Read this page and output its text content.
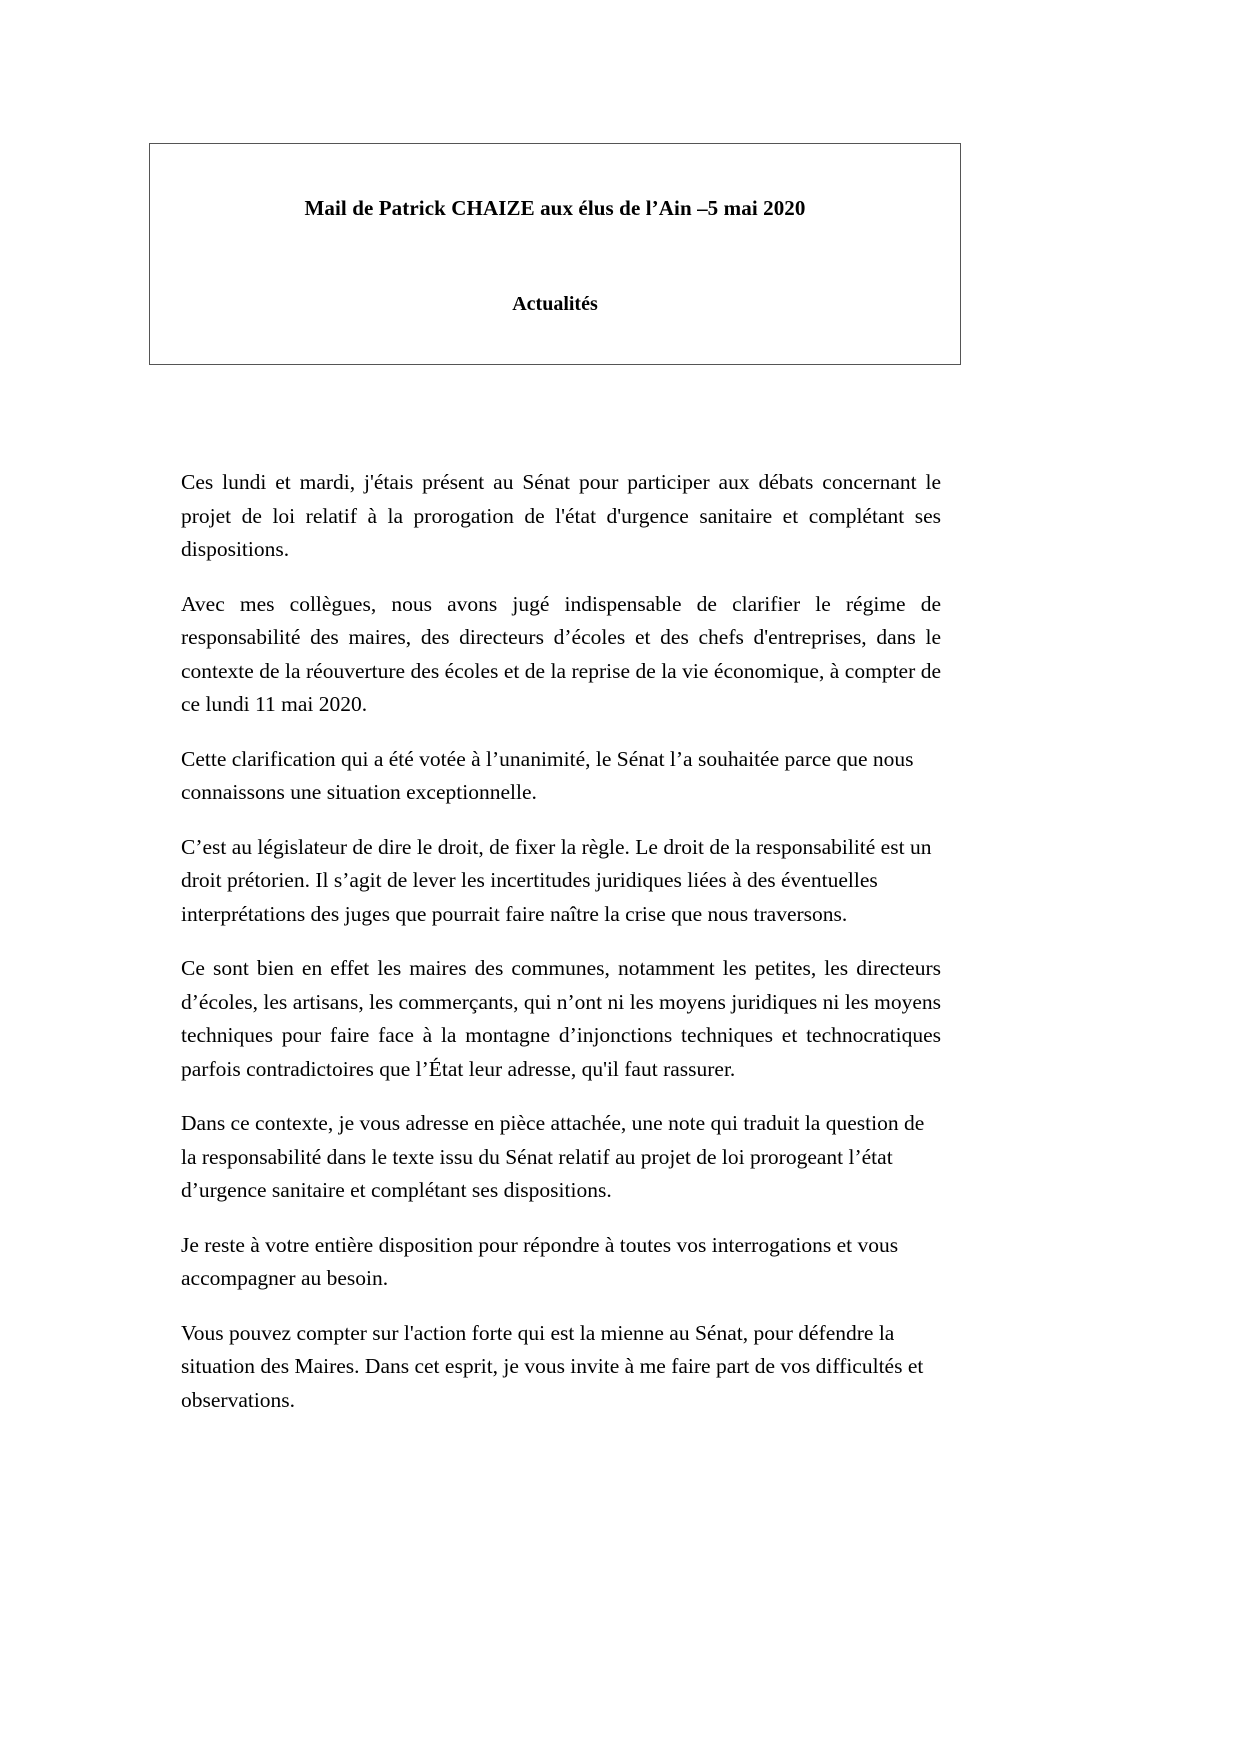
Mail de Patrick CHAIZE aux élus de l’Ain –5 mai 2020
Actualités

Ces lundi et mardi, j'étais présent au Sénat pour participer aux débats concernant le projet de loi relatif à la prorogation de l'état d'urgence sanitaire et complétant ses dispositions.

Avec mes collègues, nous avons jugé indispensable de clarifier le régime de responsabilité des maires, des directeurs d’écoles et des chefs d'entreprises, dans le contexte de la réouverture des écoles et de la reprise de la vie économique, à compter de ce lundi 11 mai 2020.

Cette clarification qui a été votée à l’unanimité, le Sénat l’a souhaitée parce que nous connaissons une situation exceptionnelle.

C’est au législateur de dire le droit, de fixer la règle. Le droit de la responsabilité est un droit prétorien. Il s’agit de lever les incertitudes juridiques liées à des éventuelles interprétations des juges que pourrait faire naître la crise que nous traversons.

Ce sont bien en effet les maires des communes, notamment les petites, les directeurs d’écoles, les artisans, les commerçants, qui n’ont ni les moyens juridiques ni les moyens techniques pour faire face à la montagne d’injonctions techniques et technocratiques parfois contradictoires que l’État leur adresse, qu'il faut rassurer.

Dans ce contexte, je vous adresse en pièce attachée, une note qui traduit la question de la responsabilité dans le texte issu du Sénat relatif au projet de loi prorogeant l’état d’urgence sanitaire et complétant ses dispositions.

Je reste à votre entière disposition pour répondre à toutes vos interrogations et vous accompagner au besoin.

Vous pouvez compter sur l'action forte qui est la mienne au Sénat, pour défendre la situation des Maires. Dans cet esprit, je vous invite à me faire part de vos difficultés et observations.
